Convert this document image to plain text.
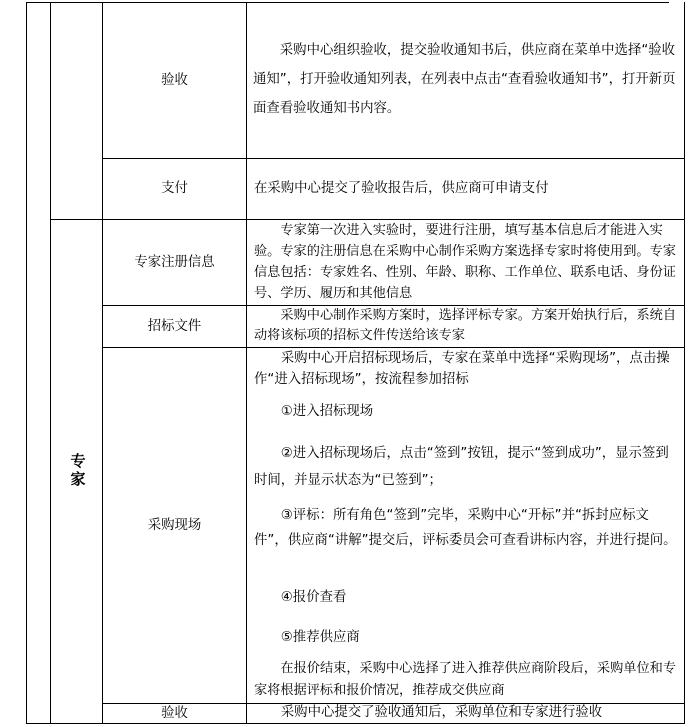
专
家
验收

采购中心组织验收，提交验收通知书后，供应商在菜单中选择“验收通知”，打开验收通知列表，在列表中点击“查看验收通知书”，打开新页面查看验收通知书内容。

支付	在采购中心提交了验收报告后，供应商可申请支付

专家注册信息

专家第一次进入实验时，要进行注册，填写基本信息后才能进入实验。专家的注册信息在采购中心制作采购方案选择专家时将使用到。专家信息包括：专家姓名、性别、年龄、职称、工作单位、联系电话、身份证号、学历、履历和其他信息

招标文件

采购中心制作采购方案时，选择评标专家。方案开始执行后，系统自动将该标项的招标文件传送给该专家

采购现场

采购中心开启招标现场后，专家在菜单中选择“采购现场”，点击操作“进入招标现场”，按流程参加招标

①进入招标现场

②进入招标现场后，点击“签到”按钮，提示“签到成功”，显示签到时间，并显示状态为“已签到”；

③评标：所有角色“签到”完毕，采购中心“开标”并“拆封应标文件”，供应商“讲解”提交后，评标委员会可查看讲标内容，并进行提问。

④报价查看

⑤推荐供应商

在报价结束，采购中心选择了进入推荐供应商阶段后，采购单位和专家将根据评标和报价情况，推荐成交供应商

验收	采购中心提交了验收通知后，采购单位和专家进行验收
